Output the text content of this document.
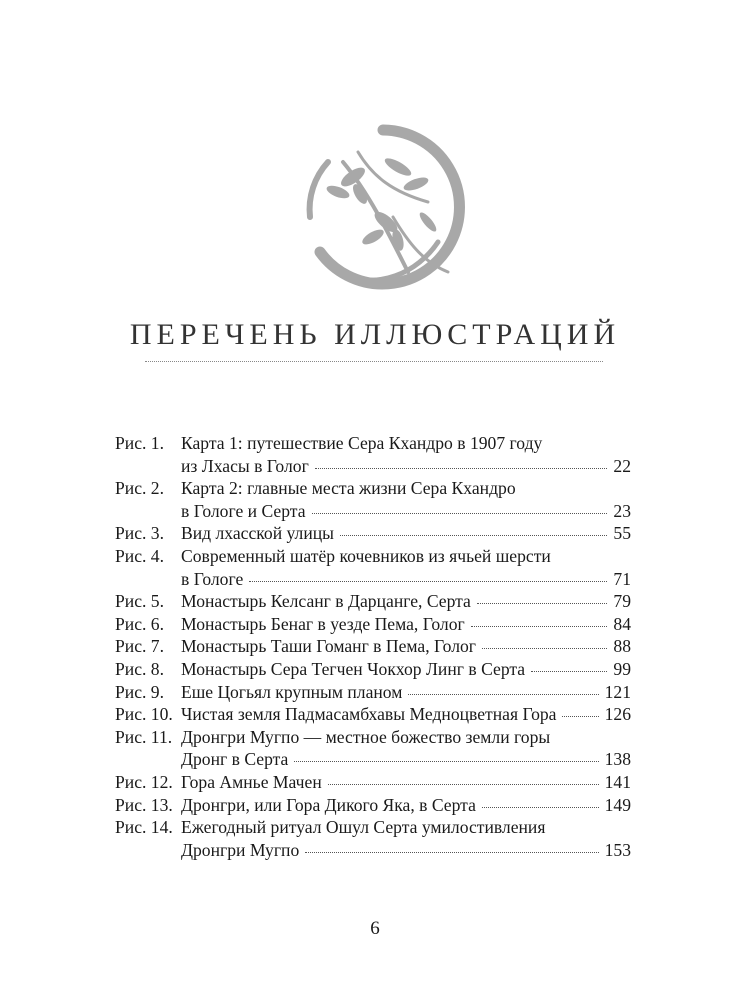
ПЕРЕЧЕНЬ ИЛЛЮСТРАЦИЙ
Рис. 1. Карта 1: путешествие Сера Кхандро в 1907 году
из Лхасы в Голог	22
Рис. 2. Карта 2: главные места жизни Сера Кхандро
в Гологе и Серта	23
Рис. 3. Вид лхасской улицы	55
Рис. 4. Современный шатёр кочевников из ячьей шерсти
в Гологе	71
Рис. 5. Монастырь Келсанг в Дарцанге, Серта	79
Рис. 6. Монастырь Бенаг в уезде Пема, Голог	84
Рис. 7. Монастырь Таши Гоманг в Пема, Голог	88
Рис. 8. Монастырь Сера Тегчен Чокхор Линг в Серта	99
Рис. 9. Еше Цогьял крупным планом	121
Рис. 10. Чистая земля Падмасамбхавы Медноцветная Гора	126
Рис. 11. Дронгри Мугпо — местное божество земли горы
Дронг в Серта	138
Рис. 12. Гора Амнье Мачен	141
Рис. 13. Дронгри, или Гора Дикого Яка, в Серта	149
Рис. 14. Ежегодный ритуал Ошул Серта умилостивления
Дронгри Мугпо	153
6
